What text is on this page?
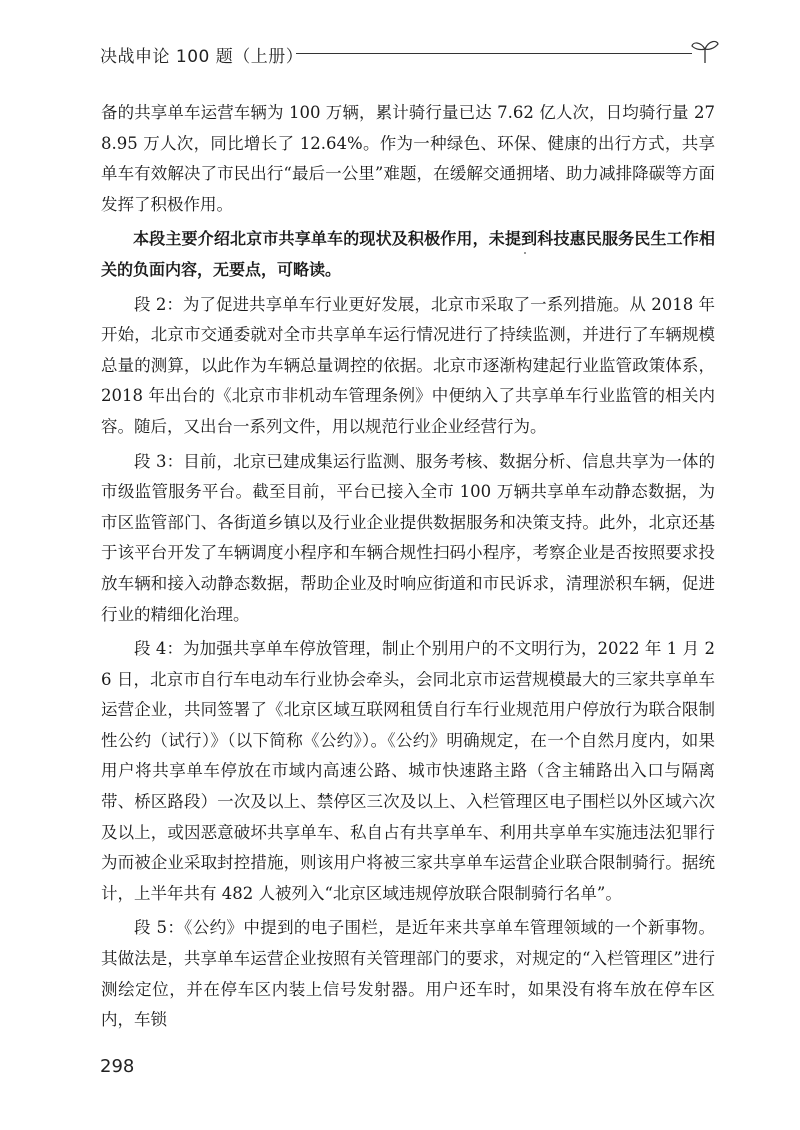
决战申论 100 题（上册）

备的共享单车运营车辆为 100 万辆，累计骑行量已达 7.62 亿人次，日均骑行量 278.95 万人次，同比增长了 12.64%。作为一种绿色、环保、健康的出行方式，共享单车有效解决了市民出行“最后一公里”难题，在缓解交通拥堵、助力减排降碳等方面发挥了积极作用。

本段主要介绍北京市共享单车的现状及积极作用，未提到科技惠民服务民生工作相关的负面内容，无要点，可略读。

段 2：为了促进共享单车行业更好发展，北京市采取了一系列措施。从 2018 年开始，北京市交通委就对全市共享单车运行情况进行了持续监测，并进行了车辆规模总量的测算，以此作为车辆总量调控的依据。北京市逐渐构建起行业监管政策体系，2018 年出台的《北京市非机动车管理条例》中便纳入了共享单车行业监管的相关内容。随后，又出台一系列文件，用以规范行业企业经营行为。

段 3：目前，北京已建成集运行监测、服务考核、数据分析、信息共享为一体的市级监管服务平台。截至目前，平台已接入全市 100 万辆共享单车动静态数据，为市区监管部门、各街道乡镇以及行业企业提供数据服务和决策支持。此外，北京还基于该平台开发了车辆调度小程序和车辆合规性扫码小程序，考察企业是否按照要求投放车辆和接入动静态数据，帮助企业及时响应街道和市民诉求，清理淤积车辆，促进行业的精细化治理。

段 4：为加强共享单车停放管理，制止个别用户的不文明行为，2022 年 1 月 26 日，北京市自行车电动车行业协会牵头，会同北京市运营规模最大的三家共享单车运营企业，共同签署了《北京区域互联网租赁自行车行业规范用户停放行为联合限制性公约（试行）》（以下简称《公约》）。《公约》明确规定，在一个自然月度内，如果用户将共享单车停放在市域内高速公路、城市快速路主路（含主辅路出入口与隔离带、桥区路段）一次及以上、禁停区三次及以上、入栏管理区电子围栏以外区域六次及以上，或因恶意破坏共享单车、私自占有共享单车、利用共享单车实施违法犯罪行为而被企业采取封控措施，则该用户将被三家共享单车运营企业联合限制骑行。据统计，上半年共有 482 人被列入“北京区域违规停放联合限制骑行名单”。

段 5：《公约》中提到的电子围栏，是近年来共享单车管理领域的一个新事物。其做法是，共享单车运营企业按照有关管理部门的要求，对规定的“入栏管理区”进行测绘定位，并在停车区内装上信号发射器。用户还车时，如果没有将车放在停车区内，车锁

298
